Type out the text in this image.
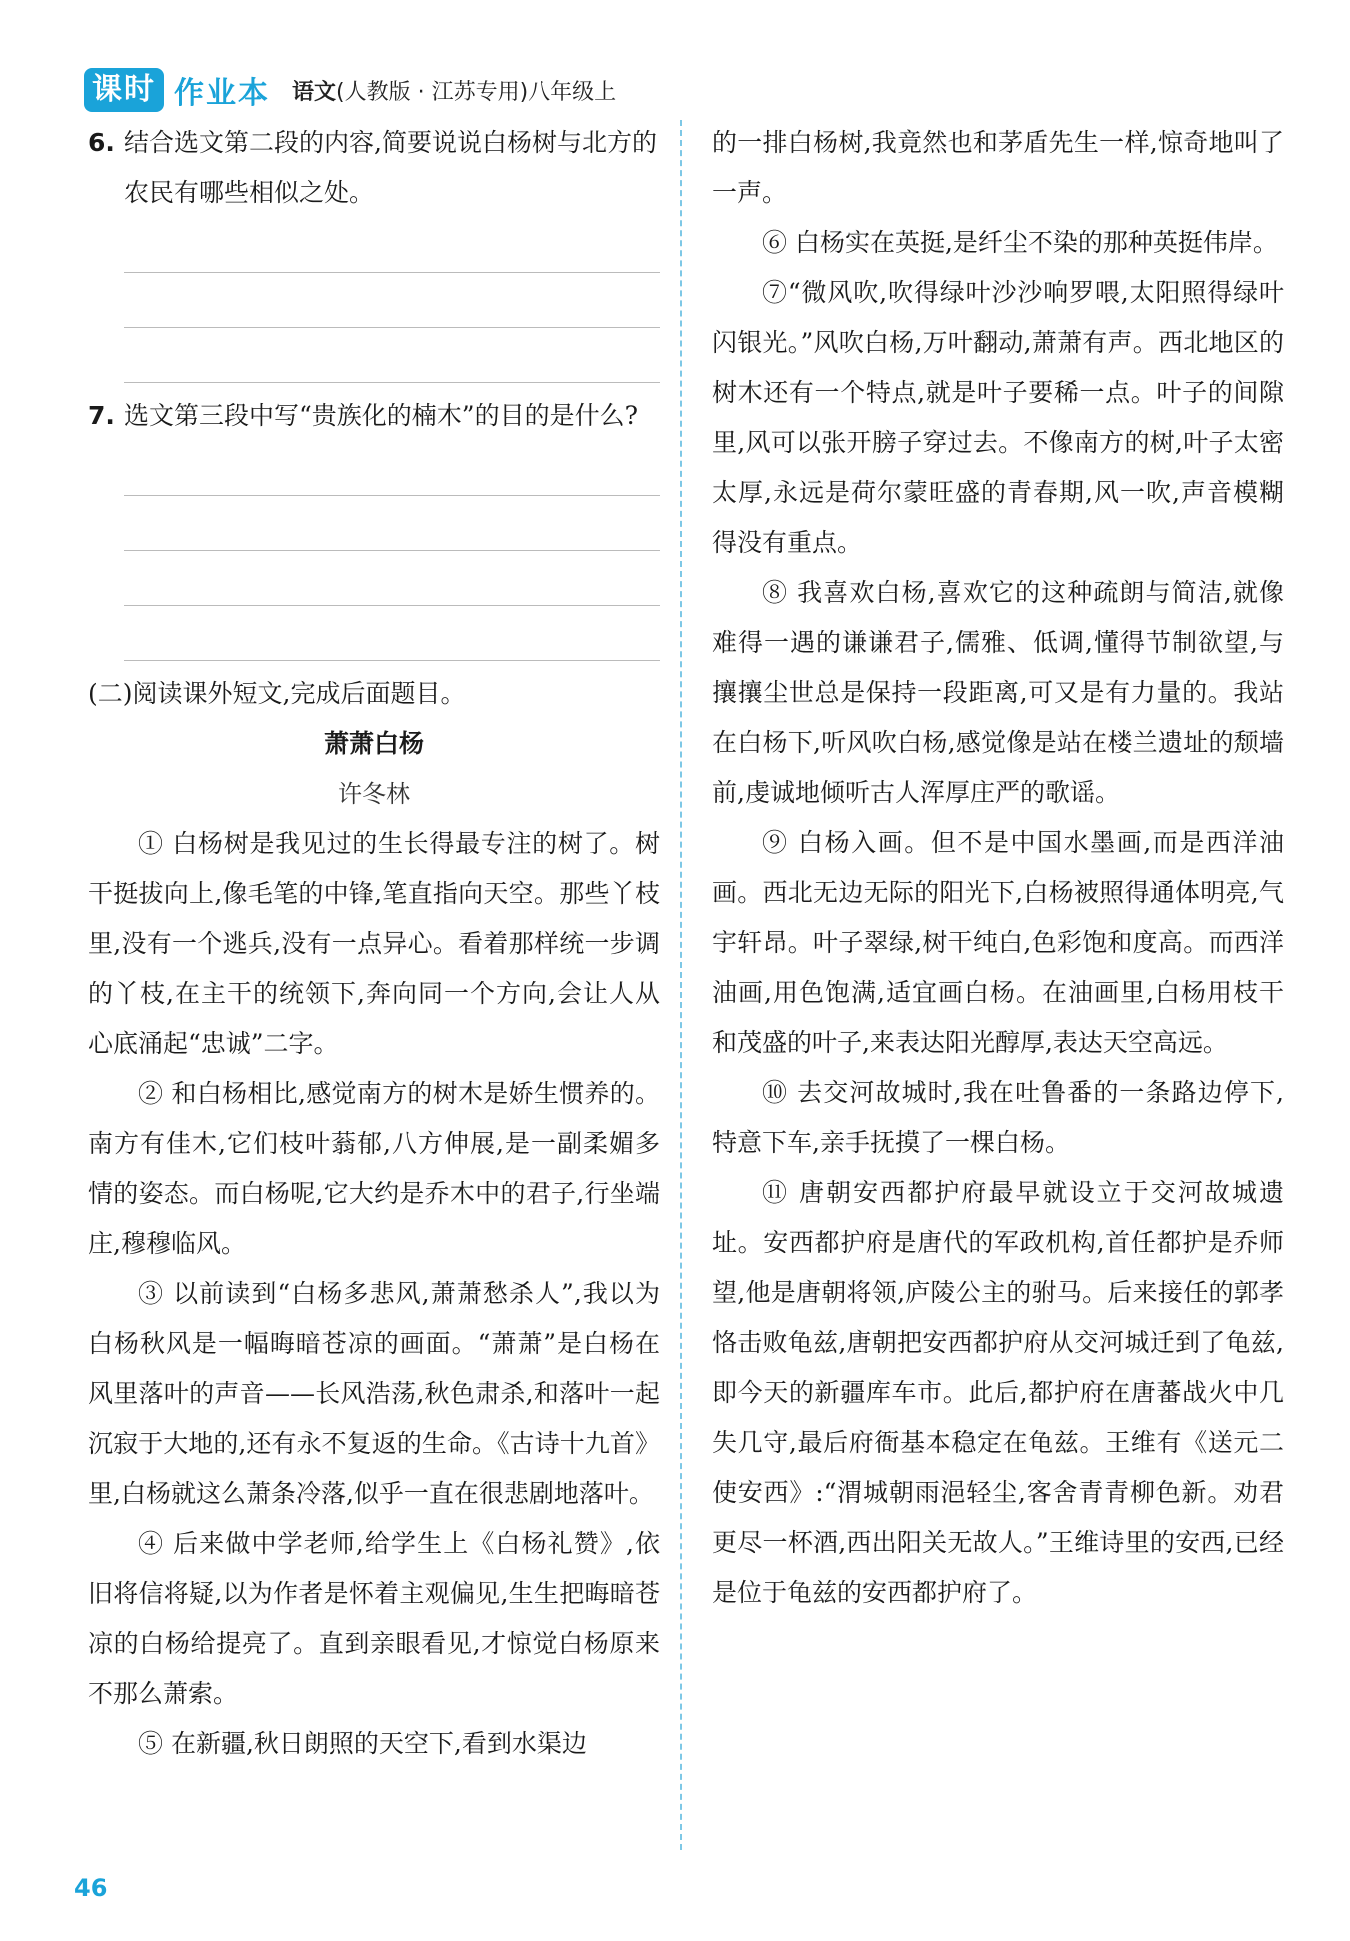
课时 作业本 语文(人教版 · 江苏专用)八年级上
6. 结合选文第二段的内容,简要说说白杨树与北方的农民有哪些相似之处。
7. 选文第三段中写“贵族化的楠木”的目的是什么?
(二)阅读课外短文,完成后面题目。
萧萧白杨
许冬林

① 白杨树是我见过的生长得最专注的树了。树干挺拔向上,像毛笔的中锋,笔直指向天空。那些丫枝里,没有一个逃兵,没有一点异心。看着那样统一步调的丫枝,在主干的统领下,奔向同一个方向,会让人从心底涌起“忠诚”二字。

② 和白杨相比,感觉南方的树木是娇生惯养的。南方有佳木,它们枝叶蓊郁,八方伸展,是一副柔媚多情的姿态。而白杨呢,它大约是乔木中的君子,行坐端庄,穆穆临风。

③ 以前读到“白杨多悲风,萧萧愁杀人”,我以为白杨秋风是一幅晦暗苍凉的画面。“萧萧”是白杨在风里落叶的声音——长风浩荡,秋色肃杀,和落叶一起沉寂于大地的,还有永不复返的生命。《古诗十九首》里,白杨就这么萧条冷落,似乎一直在很悲剧地落叶。

④ 后来做中学老师,给学生上《白杨礼赞》,依旧将信将疑,以为作者是怀着主观偏见,生生把晦暗苍凉的白杨给提亮了。直到亲眼看见,才惊觉白杨原来不那么萧索。

⑤ 在新疆,秋日朗照的天空下,看到水渠边

的一排白杨树,我竟然也和茅盾先生一样,惊奇地叫了一声。

⑥ 白杨实在英挺,是纤尘不染的那种英挺伟岸。

⑦“微风吹,吹得绿叶沙沙响罗喂,太阳照得绿叶闪银光。”风吹白杨,万叶翻动,萧萧有声。西北地区的树木还有一个特点,就是叶子要稀一点。叶子的间隙里,风可以张开膀子穿过去。不像南方的树,叶子太密太厚,永远是荷尔蒙旺盛的青春期,风一吹,声音模糊得没有重点。

⑧ 我喜欢白杨,喜欢它的这种疏朗与简洁,就像难得一遇的谦谦君子,儒雅、低调,懂得节制欲望,与攘攘尘世总是保持一段距离,可又是有力量的。我站在白杨下,听风吹白杨,感觉像是站在楼兰遗址的颓墙前,虔诚地倾听古人浑厚庄严的歌谣。

⑨ 白杨入画。但不是中国水墨画,而是西洋油画。西北无边无际的阳光下,白杨被照得通体明亮,气宇轩昂。叶子翠绿,树干纯白,色彩饱和度高。而西洋油画,用色饱满,适宜画白杨。在油画里,白杨用枝干和茂盛的叶子,来表达阳光醇厚,表达天空高远。

⑩ 去交河故城时,我在吐鲁番的一条路边停下,特意下车,亲手抚摸了一棵白杨。

⑪ 唐朝安西都护府最早就设立于交河故城遗址。安西都护府是唐代的军政机构,首任都护是乔师望,他是唐朝将领,庐陵公主的驸马。后来接任的郭孝恪击败龟兹,唐朝把安西都护府从交河城迁到了龟兹,即今天的新疆库车市。此后,都护府在唐蕃战火中几失几守,最后府衙基本稳定在龟兹。王维有《送元二使安西》:“渭城朝雨浥轻尘,客舍青青柳色新。劝君更尽一杯酒,西出阳关无故人。”王维诗里的安西,已经是位于龟兹的安西都护府了。

46
